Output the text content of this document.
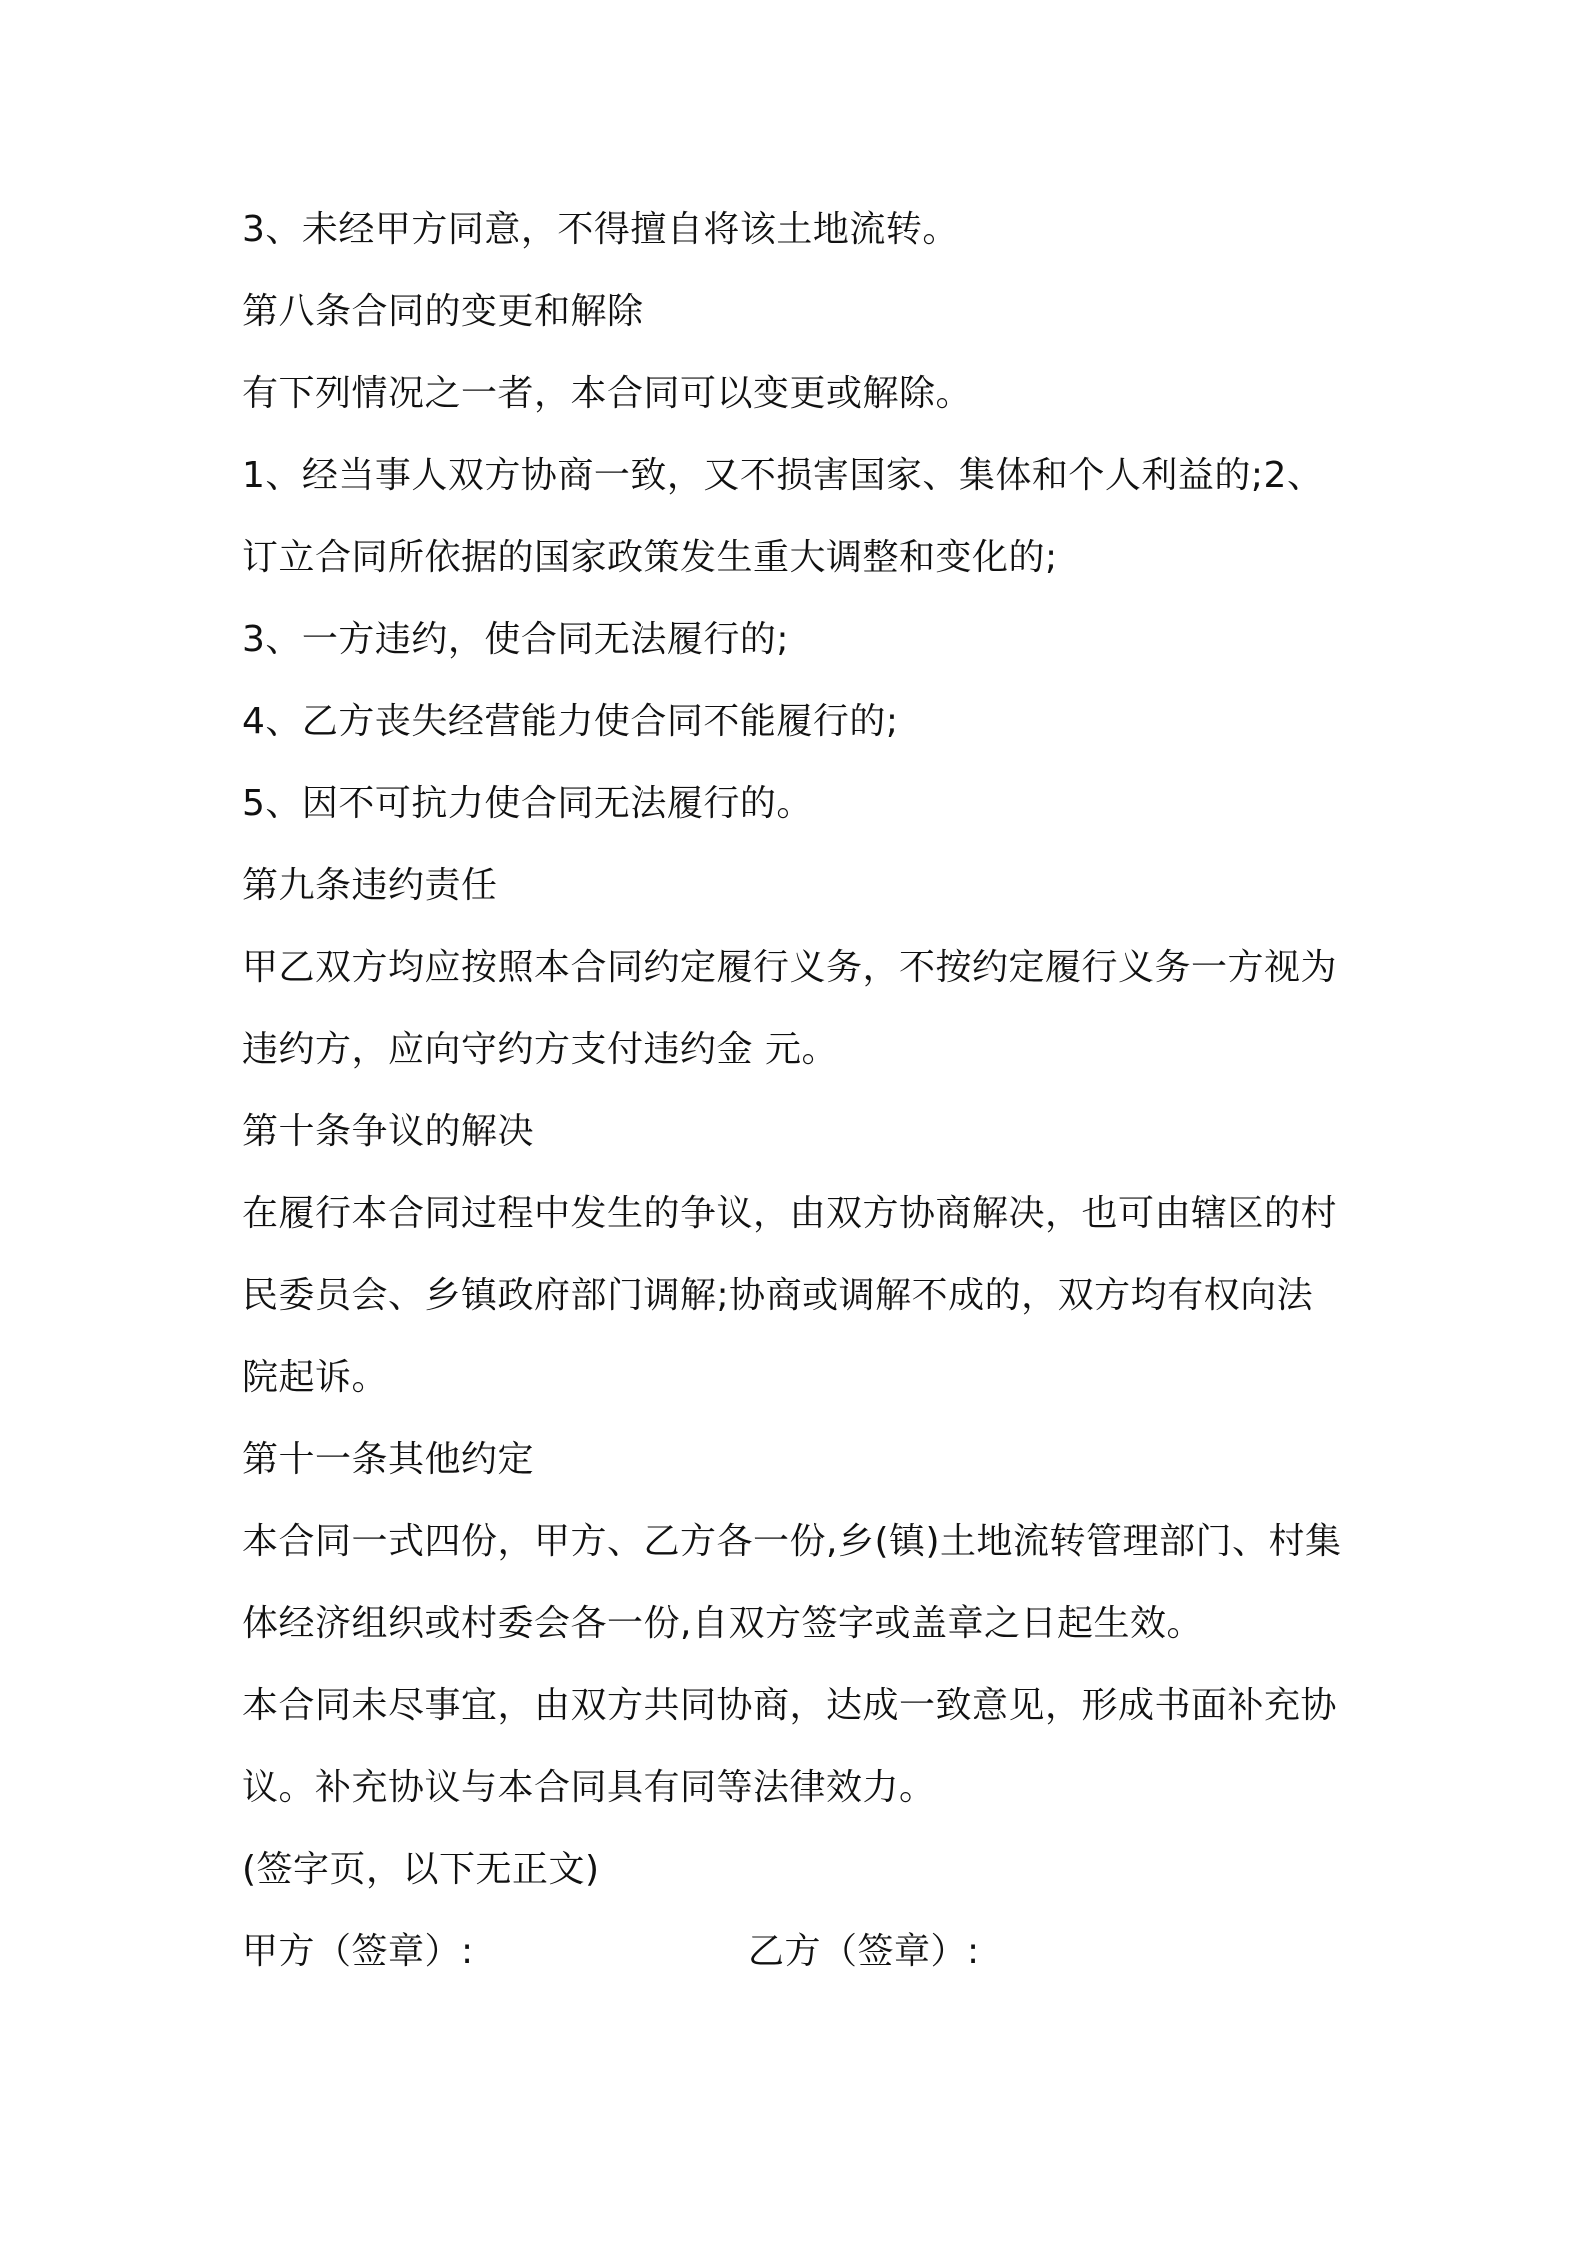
3、未经甲方同意，不得擅自将该土地流转。
第八条合同的变更和解除
有下列情况之一者，本合同可以变更或解除。
1、经当事人双方协商一致，又不损害国家、集体和个人利益的;2、
订立合同所依据的国家政策发生重大调整和变化的;
3、一方违约，使合同无法履行的;
4、乙方丧失经营能力使合同不能履行的;
5、因不可抗力使合同无法履行的。
第九条违约责任
甲乙双方均应按照本合同约定履行义务，不按约定履行义务一方视为
违约方，应向守约方支付违约金 元。
第十条争议的解决
在履行本合同过程中发生的争议，由双方协商解决，也可由辖区的村
民委员会、乡镇政府部门调解;协商或调解不成的，双方均有权向法
院起诉。
第十一条其他约定
本合同一式四份，甲方、乙方各一份,乡(镇)土地流转管理部门、村集
体经济组织或村委会各一份,自双方签字或盖章之日起生效。
本合同未尽事宜，由双方共同协商，达成一致意见，形成书面补充协
议。补充协议与本合同具有同等法律效力。
(签字页，以下无正文)
甲方（签章）:	乙方（签章）:
